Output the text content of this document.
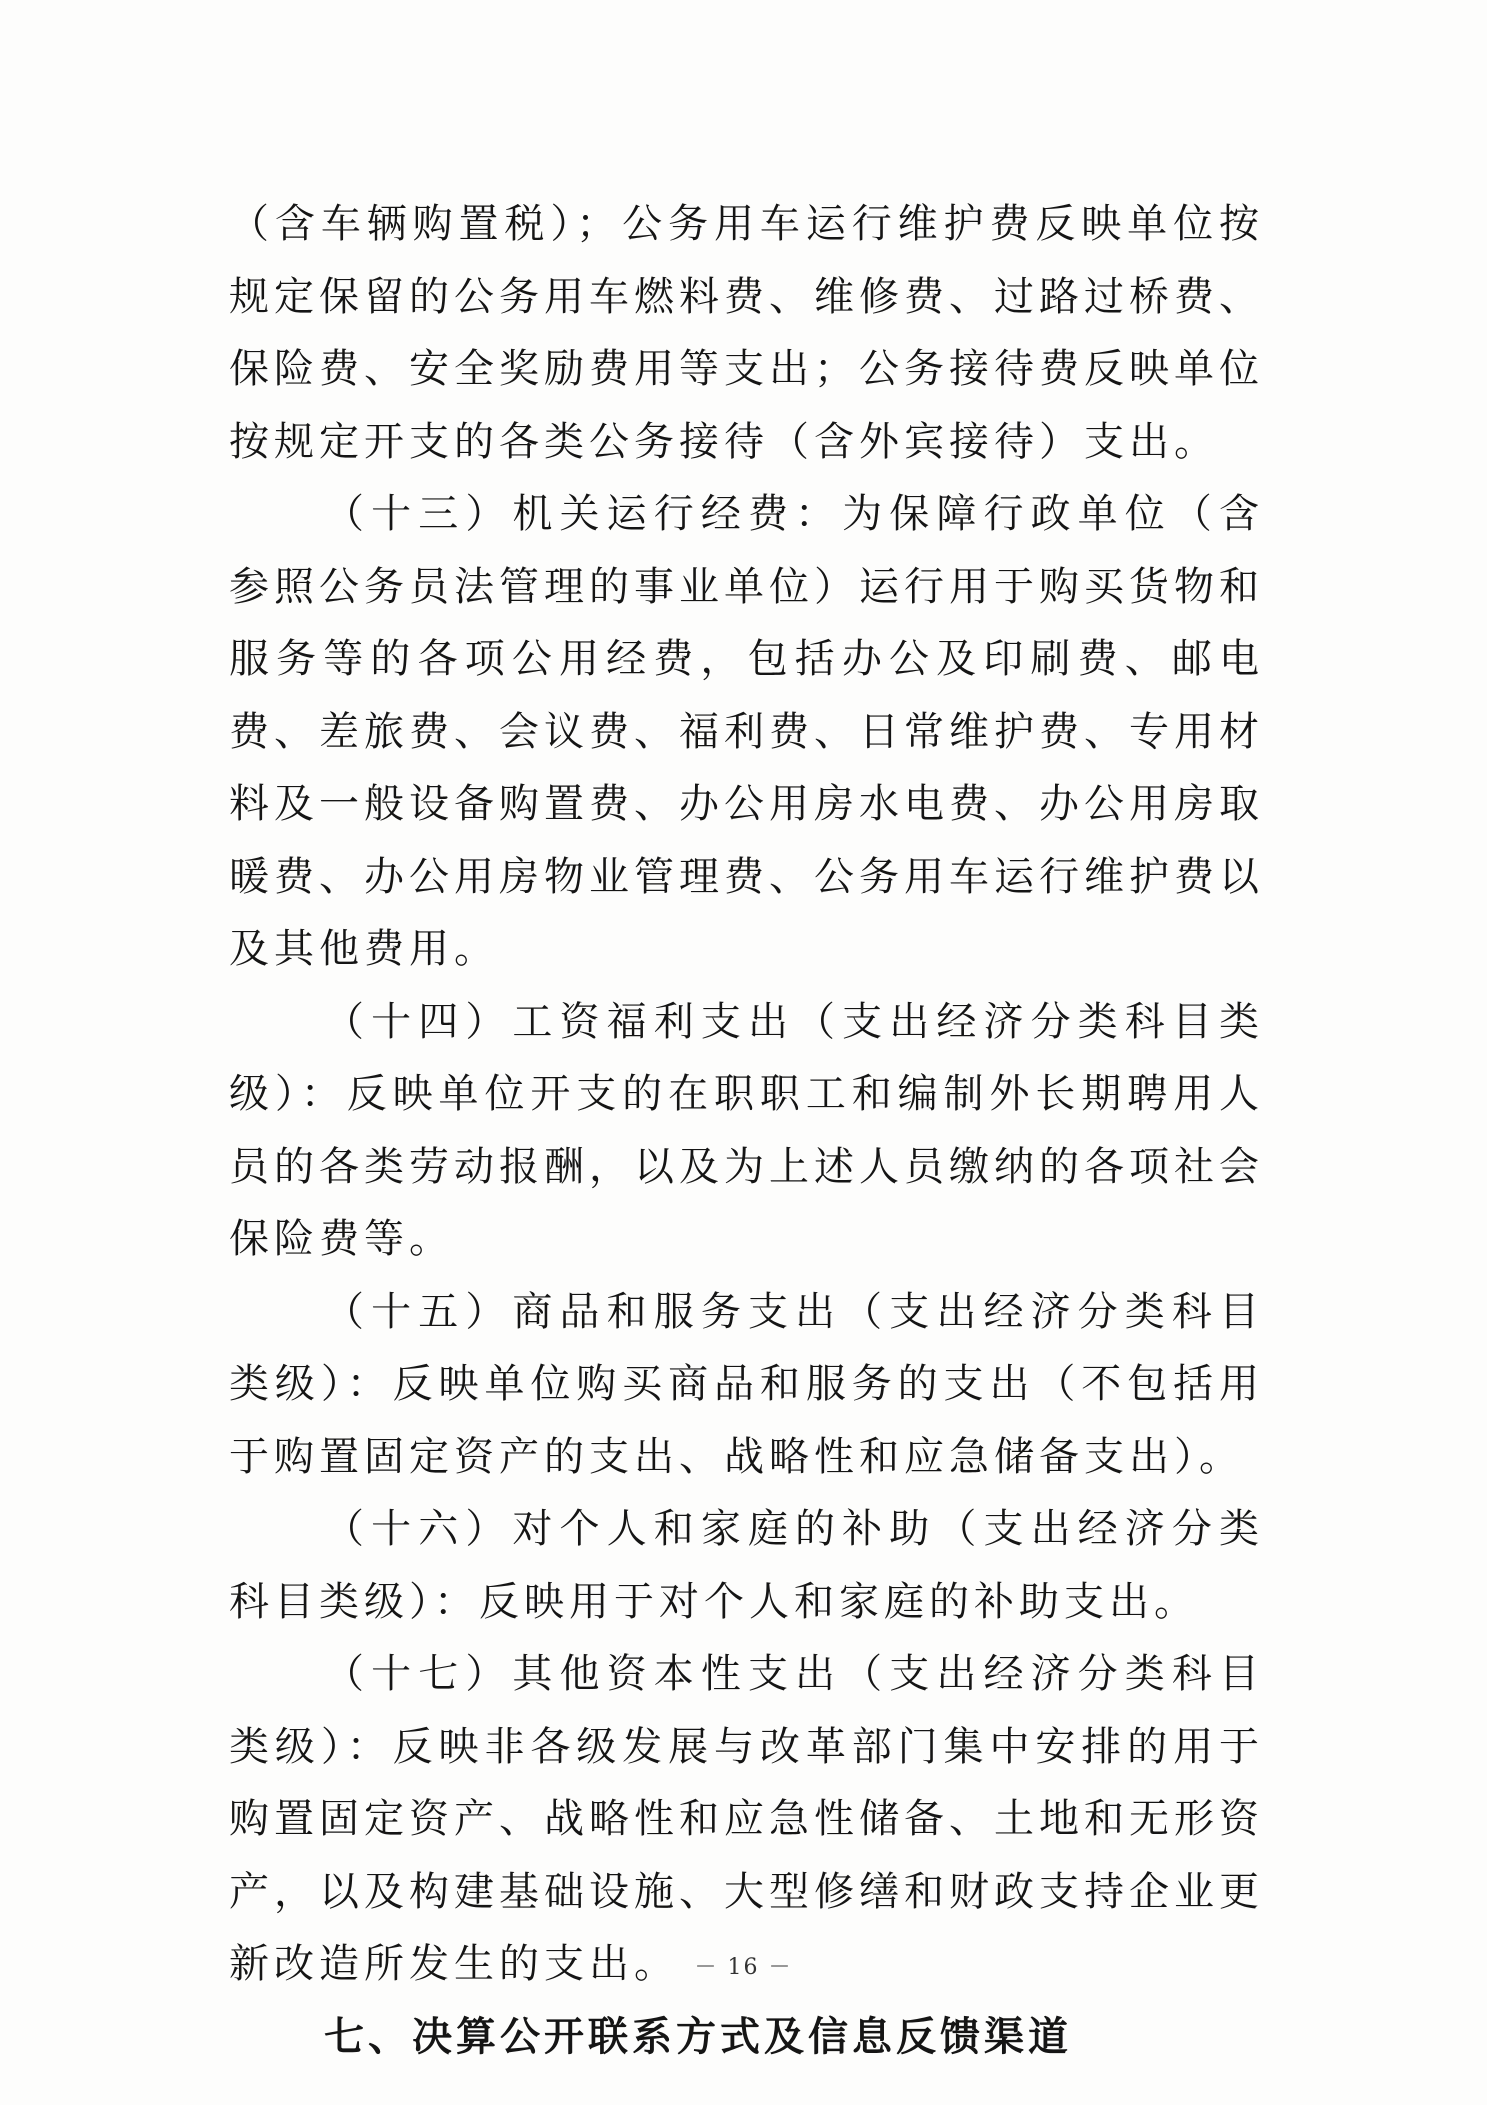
（含车辆购置税）；公务用车运行维护费反映单位按规定保留的公务用车燃料费、维修费、过路过桥费、保险费、安全奖励费用等支出；公务接待费反映单位按规定开支的各类公务接待（含外宾接待）支出。

（十三）机关运行经费：为保障行政单位（含参照公务员法管理的事业单位）运行用于购买货物和服务等的各项公用经费，包括办公及印刷费、邮电费、差旅费、会议费、福利费、日常维护费、专用材料及一般设备购置费、办公用房水电费、办公用房取暖费、办公用房物业管理费、公务用车运行维护费以及其他费用。

（十四）工资福利支出（支出经济分类科目类级）：反映单位开支的在职职工和编制外长期聘用人员的各类劳动报酬，以及为上述人员缴纳的各项社会保险费等。

（十五）商品和服务支出（支出经济分类科目类级）：反映单位购买商品和服务的支出（不包括用于购置固定资产的支出、战略性和应急储备支出）。

（十六）对个人和家庭的补助（支出经济分类科目类级）：反映用于对个人和家庭的补助支出。

（十七）其他资本性支出（支出经济分类科目类级）：反映非各级发展与改革部门集中安排的用于购置固定资产、战略性和应急性储备、土地和无形资产，以及构建基础设施、大型修缮和财政支持企业更新改造所发生的支出。

七、决算公开联系方式及信息反馈渠道

－ 16 －
